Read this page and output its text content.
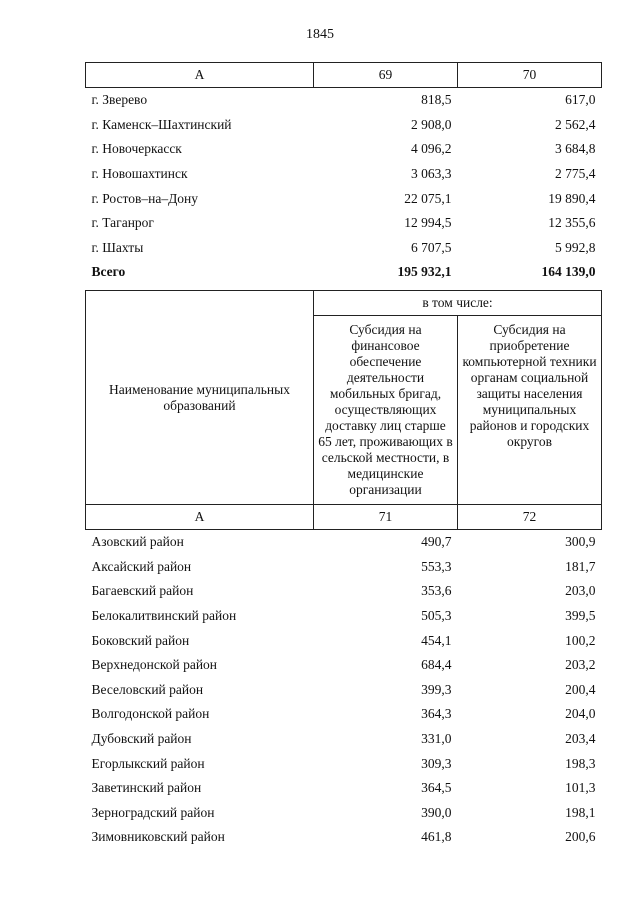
1845
А	69	70
г. Зверево	818,5	617,0
г. Каменск–Шахтинский	2 908,0	2 562,4
г. Новочеркасск	4 096,2	3 684,8
г. Новошахтинск	3 063,3	2 775,4
г. Ростов–на–Дону	22 075,1	19 890,4
г. Таганрог	12 994,5	12 355,6
г. Шахты	6 707,5	5 992,8
Всего	195 932,1	164 139,0
Наименование муниципальных образований	в том числе:	
	Субсидия на финансовое обеспечение деятельности мобильных бригад, осуществляющих доставку лиц старше 65 лет, проживающих в сельской местности, в медицинские организации	Субсидия на приобретение компьютерной техники органам социальной защиты населения муниципальных районов и городских округов
А	71	72
Азовский район	490,7	300,9
Аксайский район	553,3	181,7
Багаевский район	353,6	203,0
Белокалитвинский район	505,3	399,5
Боковский район	454,1	100,2
Верхнедонской район	684,4	203,2
Веселовский район	399,3	200,4
Волгодонской район	364,3	204,0
Дубовский район	331,0	203,4
Егорлыкский район	309,3	198,3
Заветинский район	364,5	101,3
Зерноградский район	390,0	198,1
Зимовниковский район	461,8	200,6
